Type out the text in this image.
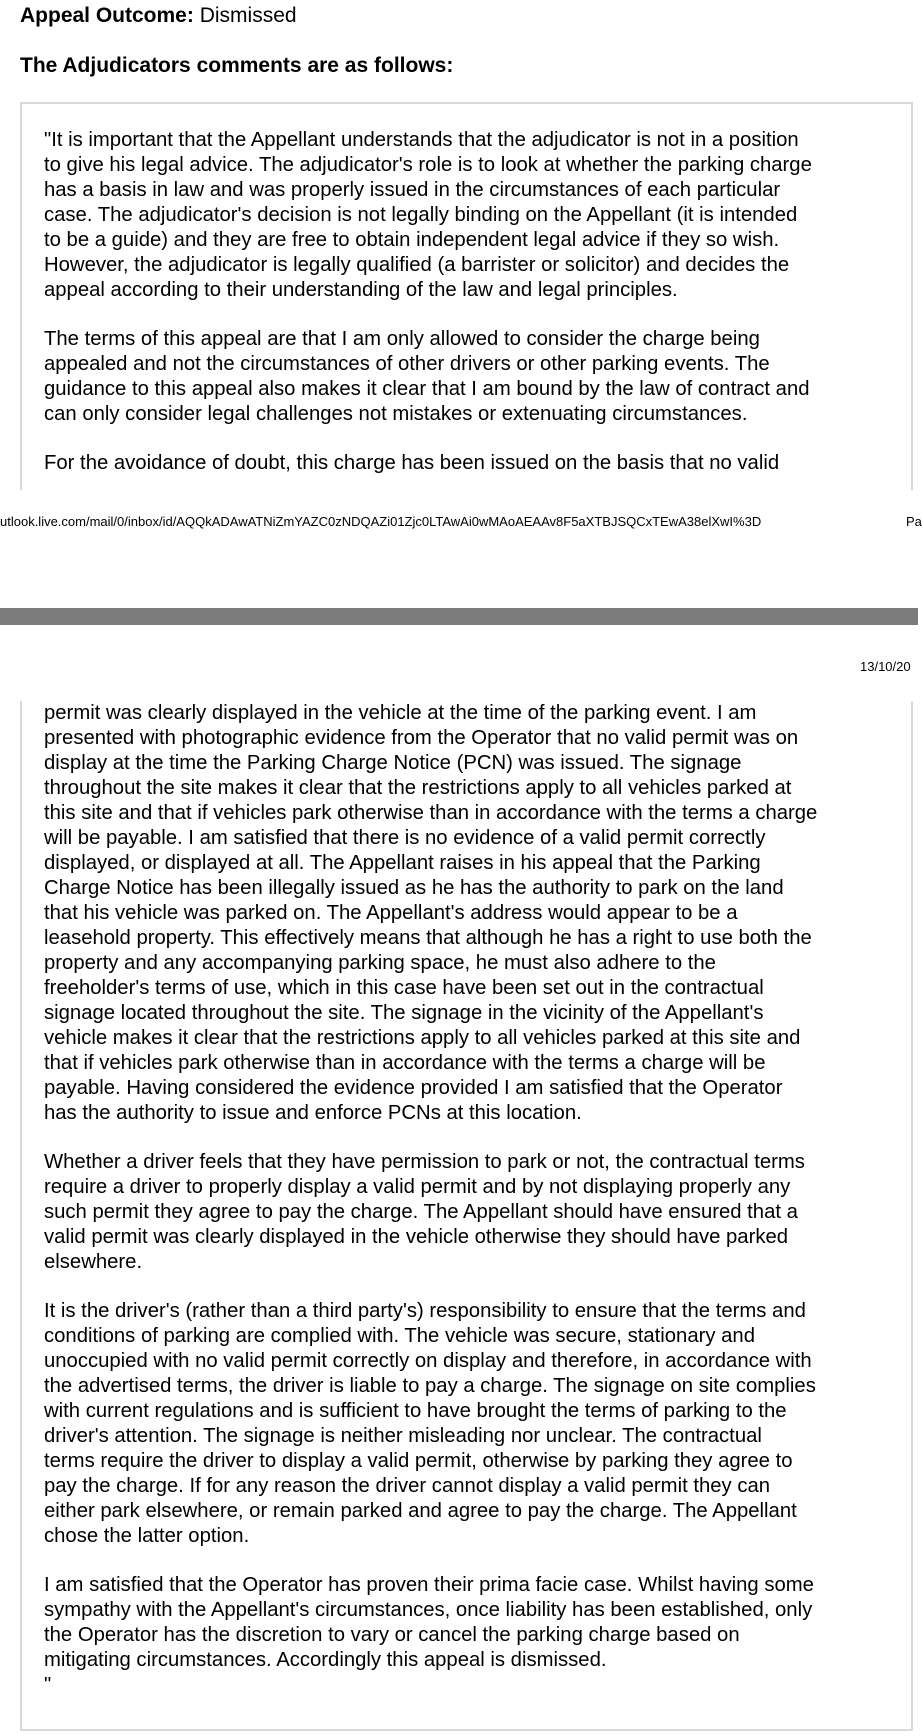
Appeal Outcome: Dismissed
The Adjudicators comments are as follows:

"It is important that the Appellant understands that the adjudicator is not in a position
to give his legal advice. The adjudicator's role is to look at whether the parking charge
has a basis in law and was properly issued in the circumstances of each particular
case. The adjudicator's decision is not legally binding on the Appellant (it is intended
to be a guide) and they are free to obtain independent legal advice if they so wish.
However, the adjudicator is legally qualified (a barrister or solicitor) and decides the
appeal according to their understanding of the law and legal principles.

The terms of this appeal are that I am only allowed to consider the charge being
appealed and not the circumstances of other drivers or other parking events. The
guidance to this appeal also makes it clear that I am bound by the law of contract and
can only consider legal challenges not mistakes or extenuating circumstances.

For the avoidance of doubt, this charge has been issued on the basis that no valid

utlook.live.com/mail/0/inbox/id/AQQkADAwATNiZmYAZC0zNDQAZi01Zjc0LTAwAi0wMAoAEAAv8F5aXTBJSQCxTEwA38elXwI%3D	Pa
13/10/20

permit was clearly displayed in the vehicle at the time of the parking event. I am
presented with photographic evidence from the Operator that no valid permit was on
display at the time the Parking Charge Notice (PCN) was issued. The signage
throughout the site makes it clear that the restrictions apply to all vehicles parked at
this site and that if vehicles park otherwise than in accordance with the terms a charge
will be payable. I am satisfied that there is no evidence of a valid permit correctly
displayed, or displayed at all. The Appellant raises in his appeal that the Parking
Charge Notice has been illegally issued as he has the authority to park on the land
that his vehicle was parked on. The Appellant's address would appear to be a
leasehold property. This effectively means that although he has a right to use both the
property and any accompanying parking space, he must also adhere to the
freeholder's terms of use, which in this case have been set out in the contractual
signage located throughout the site. The signage in the vicinity of the Appellant's
vehicle makes it clear that the restrictions apply to all vehicles parked at this site and
that if vehicles park otherwise than in accordance with the terms a charge will be
payable. Having considered the evidence provided I am satisfied that the Operator
has the authority to issue and enforce PCNs at this location.

Whether a driver feels that they have permission to park or not, the contractual terms
require a driver to properly display a valid permit and by not displaying properly any
such permit they agree to pay the charge. The Appellant should have ensured that a
valid permit was clearly displayed in the vehicle otherwise they should have parked
elsewhere.

It is the driver's (rather than a third party's) responsibility to ensure that the terms and
conditions of parking are complied with. The vehicle was secure, stationary and
unoccupied with no valid permit correctly on display and therefore, in accordance with
the advertised terms, the driver is liable to pay a charge. The signage on site complies
with current regulations and is sufficient to have brought the terms of parking to the
driver's attention. The signage is neither misleading nor unclear. The contractual
terms require the driver to display a valid permit, otherwise by parking they agree to
pay the charge. If for any reason the driver cannot display a valid permit they can
either park elsewhere, or remain parked and agree to pay the charge. The Appellant
chose the latter option.

I am satisfied that the Operator has proven their prima facie case. Whilst having some
sympathy with the Appellant's circumstances, once liability has been established, only
the Operator has the discretion to vary or cancel the parking charge based on
mitigating circumstances. Accordingly this appeal is dismissed.
"
